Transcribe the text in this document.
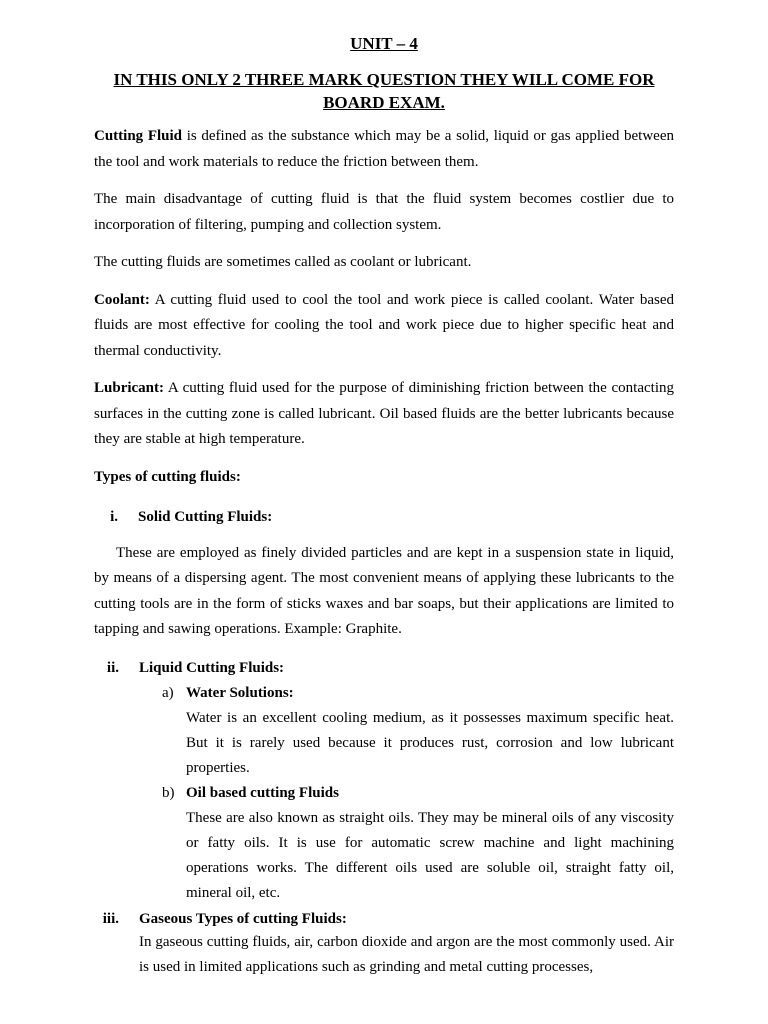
UNIT – 4

IN THIS ONLY 2 THREE MARK QUESTION THEY WILL COME FOR BOARD EXAM.

Cutting Fluid is defined as the substance which may be a solid, liquid or gas applied between the tool and work materials to reduce the friction between them.

The main disadvantage of cutting fluid is that the fluid system becomes costlier due to incorporation of filtering, pumping and collection system.

The cutting fluids are sometimes called as coolant or lubricant.

Coolant: A cutting fluid used to cool the tool and work piece is called coolant. Water based fluids are most effective for cooling the tool and work piece due to higher specific heat and thermal conductivity.

Lubricant: A cutting fluid used for the purpose of diminishing friction between the contacting surfaces in the cutting zone is called lubricant. Oil based fluids are the better lubricants because they are stable at high temperature.

Types of cutting fluids:

i. Solid Cutting Fluids:

These are employed as finely divided particles and are kept in a suspension state in liquid, by means of a dispersing agent. The most convenient means of applying these lubricants to the cutting tools are in the form of sticks waxes and bar soaps, but their applications are limited to tapping and sawing operations. Example: Graphite.

ii. Liquid Cutting Fluids:
a) Water Solutions:

Water is an excellent cooling medium, as it possesses maximum specific heat. But it is rarely used because it produces rust, corrosion and low lubricant properties.

b) Oil based cutting Fluids

These are also known as straight oils. They may be mineral oils of any viscosity or fatty oils. It is use for automatic screw machine and light machining operations works. The different oils used are soluble oil, straight fatty oil, mineral oil, etc.

iii. Gaseous Types of cutting Fluids:

In gaseous cutting fluids, air, carbon dioxide and argon are the most commonly used. Air is used in limited applications such as grinding and metal cutting processes,
